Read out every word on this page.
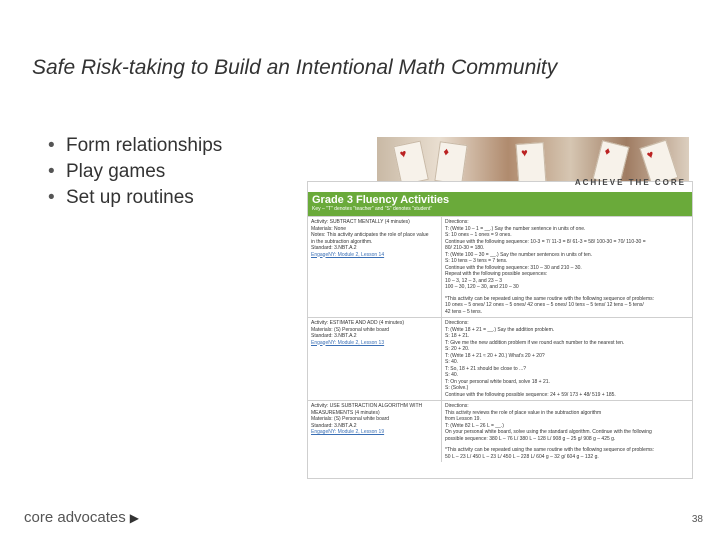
Safe Risk-taking to Build an Intentional Math Community
• Form relationships
• Play games
• Set up routines
♥	♦	♥	♦	♥
ACHIEVE THE CORE
Grade 3 Fluency Activities
Key – "T" denotes "teacher" and "S" denotes "student"
Activity: SUBTRACT MENTALLY (4 minutes)
Materials: None
Notes: This activity anticipates the role of place value
in the subtraction algorithm.
Standard: 3.NBT.A.2
EngageNY: Module 2, Lesson 14
Directions:
T: (Write 10 – 1 = __.) Say the number sentence in units of one.
S: 10 ones – 1 ones = 9 ones.
Continue with the following sequence: 10-3 = 7/ 11-3 = 8/ 61-3 = 58/ 100-30 = 70/ 110-30 =
80/ 210-30 = 180.
T: (Write 100 – 30 = __.) Say the number sentences in units of ten.
S: 10 tens – 3 tens = 7 tens.
Continue with the following sequence: 310 – 30 and 210 – 30.
Repeat with the following possible sequences:
10 – 3, 12 – 3, and 23 – 3
100 – 30, 120 – 30, and 210 – 30
*This activity can be repeated using the same routine with the following sequence of problems:
10 ones – 5 ones/ 12 ones – 5 ones/ 42 ones – 5 ones/ 10 tens – 5 tens/ 12 tens – 5 tens/
42 tens – 5 tens.
Activity: ESTIMATE AND ADD (4 minutes)
Materials: (S) Personal white board
Standard: 3.NBT.A.2
EngageNY: Module 2, Lesson 13
Directions:
T: (Write 18 + 21 = __.) Say the addition problem.
S: 18 + 21.
T: Give me the new addition problem if we round each number to the nearest ten.
S: 20 + 20.
T: (Write 18 + 21 ≈ 20 + 20.) What's 20 + 20?
S: 40.
T: So, 18 + 21 should be close to ...?
S: 40.
T: On your personal white board, solve 18 + 21.
S: (Solve.)
Continue with the following possible sequence: 24 + 59/ 173 + 48/ 519 + 185.
Activity: USE SUBTRACTION ALGORITHM WITH
MEASUREMENTS (4 minutes)
Materials: (S) Personal white board
Standard: 3.NBT.A.2
EngageNY: Module 2, Lesson 19
Directions:
This activity reviews the role of place value in the subtraction algorithm
from Lesson 19.
T: (Write 82 L – 26 L = __.)
On your personal white board, solve using the standard algorithm. Continue with the following
possible sequence: 380 L – 76 L/ 380 L – 128 L/ 908 g – 25 g/ 908 g – 425 g.
*This activity can be repeated using the same routine with the following sequence of problems:
50 L – 23 L/ 450 L – 23 L/ 450 L – 228 L/ 604 g – 32 g/ 604 g – 132 g.
core advocates ▶	38
